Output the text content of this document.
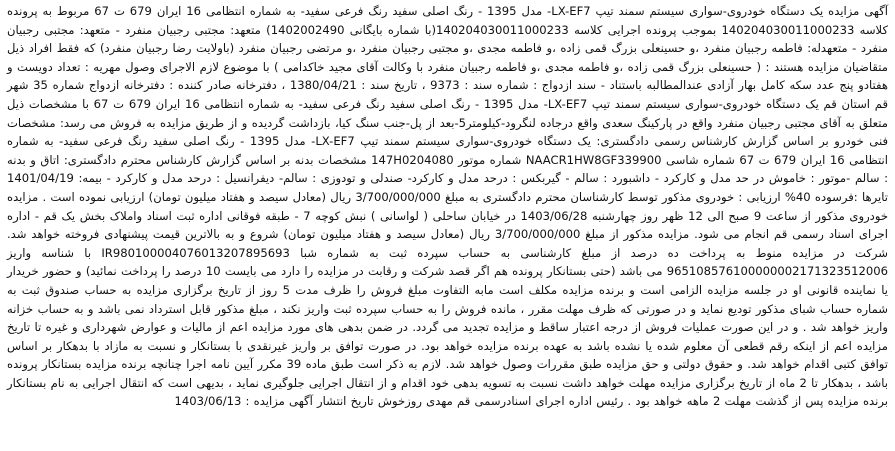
آگهی مزایده یک دستگاه خودروی-سواری سیستم سمند تیپ LX-EF7- مدل 1395 - رنگ اصلی سفید رنگ فرعی سفید- به شماره انتظامی 16 ایران 679 ت 67 مربوط به پرونده کلاسه 140204030011000233 بموجب پرونده اجرایی کلاسه 140204030011000233(با شماره بایگانی 1402002490) متعهد: مجتبی رجبیان منفرد - متعهد: مجتبی رجبیان منفرد - متعهدله: فاطمه رجبیان منفرد ،و حسینعلی بزرگ قمی زاده ،و فاطمه مجدی ،و مجتبی رجبیان منفرد ،و مرتضی رجبیان منفرد (باولایت رضا رجبیان منفرد) که فقط افراد ذیل متقاضیان مزایده هستند : ( حسینعلی بزرگ قمی زاده ،و فاطمه مجدی ،و فاطمه رجبیان منفرد با وکالت آقای مجید خاکدامی ) با موضوع لازم الاجرای وصول مهریه : تعداد دویست و هفتادو پنج عدد سکه کامل بهار آزادی عندالمطالبه باستناد - سند ازدواج : شماره سند : 9373 ، تاریخ سند : 1380/04/21 ، دفترخانه صادر کننده : دفترخانه ازدواج شماره 35 شهر قم استان قم یک دستگاه خودروی-سواری سیستم سمند تیپ LX-EF7- مدل 1395 - رنگ اصلی سفید رنگ فرعی سفید- به شماره انتظامی 16 ایران 679 ت 67 با مشخصات ذیل متعلق به آقای مجتبی رجبیان منفرد واقع در پارکینگ سعدی واقع درجاده لنگرود-کیلومتر5-بعد از پل-جنب سنگ کیا، بازداشت گردیده و از طریق مزایده به فروش می رسد: مشخصات فنی خودرو بر اساس گزارش کارشناس رسمی دادگستری: یک دستگاه خودروی-سواری سیستم سمند تیپ LX-EF7- مدل 1395 - رنگ اصلی سفید رنگ فرعی سفید- به شماره انتظامی 16 ایران 679 ت 67 شماره شاسی NAACR1HW8GF339900 شماره موتور 147H0204080 مشخصات بدنه بر اساس گزارش کارشناس محترم دادگستری: اتاق و بدنه : سالم -موتور : خاموش در حد مدل و کارکرد - داشبورد : سالم - گیربکس : درحد مدل و کارکرد- صندلی و تودوزی : سالم- دیفرانسیل : درحد مدل و کارکرد - بیمه: 1401/04/19 تایرها :فرسوده 40% ارزیابی : خودروی مذکور توسط کارشناسان محترم دادگستری به مبلغ 3/700/000/000 ریال (معادل سیصد و هفتاد میلیون تومان) ارزیابی نموده است . مزایده خودروی مذکور از ساعت 9 صبح الی 12 ظهر روز چهارشنبه 1403/06/28 در خیابان ساحلی ( لواسانی ) نبش کوچه 7 - طبقه فوقانی اداره ثبت اسناد واملاک بخش یک قم - اداره اجرای اسناد رسمی قم انجام می شود. مزایده مذکور از مبلغ 3/700/000/000 ریال (معادل سیصد و هفتاد میلیون تومان) شروع و به بالاترین قیمت پیشنهادی فروخته خواهد شد. شرکت در مزایده منوط به پرداخت ده درصد از مبلغ کارشناسی به حساب سپرده ثبت به شماره شبا IR980100004076013207895693 با شناسه واریز 965108576100000002171323512006 می باشد (حتی بستانکار پرونده هم اگر قصد شرکت و رقابت در مزایده را دارد می بایست 10 درصد را پرداخت نمائید) و حضور خریدار یا نماینده قانونی او در جلسه مزایده الزامی است و برنده مزایده مکلف است مابه التفاوت مبلغ فروش را ظرف مدت 5 روز از تاریخ برگزاری مزایده به حساب صندوق ثبت به شماره حساب شبای مذکور تودیع نماید و در صورتی که ظرف مهلت مقرر ، مانده فروش را به حساب سپرده ثبت واریز نکند ، مبلغ مذکور قابل استرداد نمی باشد و به حساب خزانه واریز خواهد شد . و در این صورت عملیات فروش از درجه اعتبار ساقط و مزایده تجدید می گردد. در ضمن بدهی های مورد مزایده اعم از مالیات و عوارض شهرداری و غیره تا تاریخ مزایده اعم از اینکه رقم قطعی آن معلوم شده یا نشده باشد به عهده برنده مزایده خواهد بود. در صورت توافق بر واریز غیرنقدی با بستانکار و نسبت به مازاد با بدهکار بر اساس توافق کتبی اقدام خواهد شد. و حقوق دولتی و حق مزایده طبق مقررات وصول خواهد شد. لازم به ذکر است طبق ماده 39 مکرر آیین نامه اجرا چنانچه برنده مزایده بستانکار پرونده باشد ، بدهکار تا 2 ماه از تاریخ برگزاری مزایده مهلت خواهد داشت نسبت به تسویه بدهی خود اقدام و از انتقال اجرایی جلوگیری نماید ، بدیهی است که انتقال اجرایی به نام بستانکار برنده مزایده پس از گذشت مهلت 2 ماهه خواهد بود . رئیس اداره اجرای اسنادرسمی قم مهدی روزخوش تاریخ انتشار آگهی مزایده : 1403/06/13
